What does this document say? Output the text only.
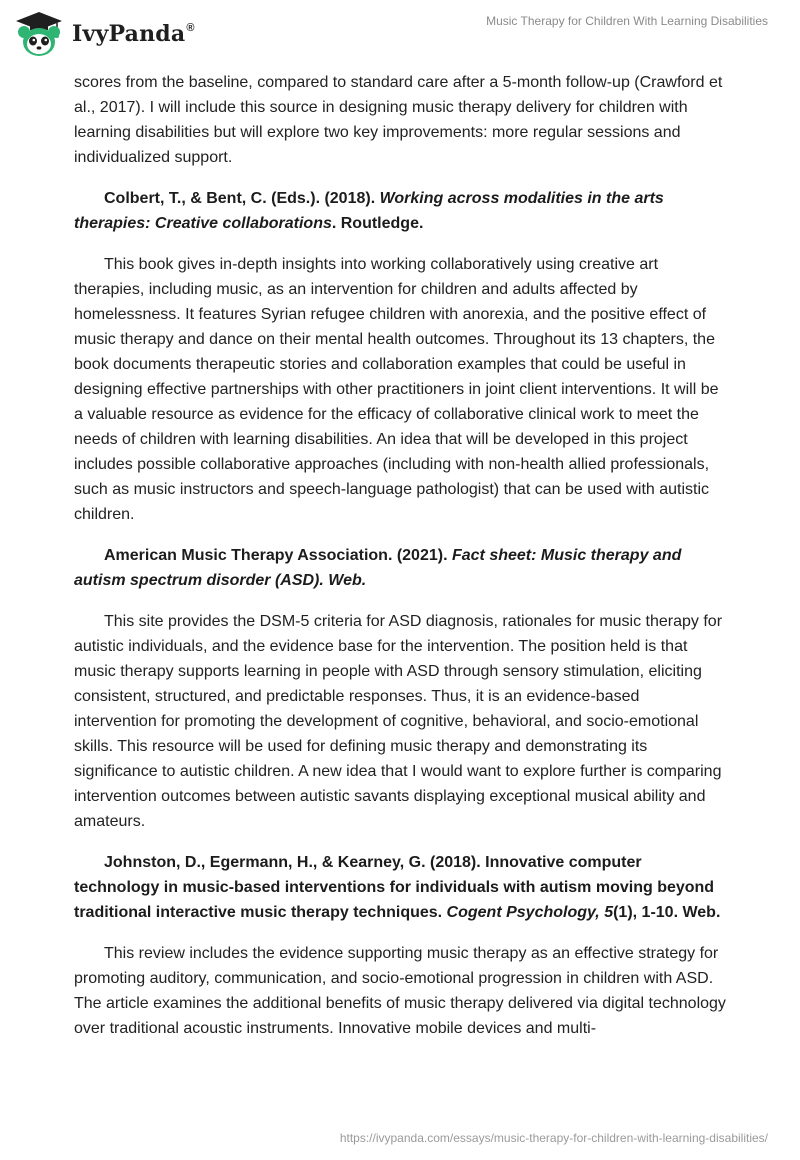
IvyPanda®	Music Therapy for Children With Learning Disabilities

scores from the baseline, compared to standard care after a 5-month follow-up (Crawford et al., 2017). I will include this source in designing music therapy delivery for children with learning disabilities but will explore two key improvements: more regular sessions and individualized support.

Colbert, T., & Bent, C. (Eds.). (2018). Working across modalities in the arts therapies: Creative collaborations. Routledge.

This book gives in-depth insights into working collaboratively using creative art therapies, including music, as an intervention for children and adults affected by homelessness. It features Syrian refugee children with anorexia, and the positive effect of music therapy and dance on their mental health outcomes. Throughout its 13 chapters, the book documents therapeutic stories and collaboration examples that could be useful in designing effective partnerships with other practitioners in joint client interventions. It will be a valuable resource as evidence for the efficacy of collaborative clinical work to meet the needs of children with learning disabilities. An idea that will be developed in this project includes possible collaborative approaches (including with non-health allied professionals, such as music instructors and speech-language pathologist) that can be used with autistic children.

American Music Therapy Association. (2021). Fact sheet: Music therapy and autism spectrum disorder (ASD). Web.

This site provides the DSM-5 criteria for ASD diagnosis, rationales for music therapy for autistic individuals, and the evidence base for the intervention. The position held is that music therapy supports learning in people with ASD through sensory stimulation, eliciting consistent, structured, and predictable responses. Thus, it is an evidence-based intervention for promoting the development of cognitive, behavioral, and socio-emotional skills. This resource will be used for defining music therapy and demonstrating its significance to autistic children. A new idea that I would want to explore further is comparing intervention outcomes between autistic savants displaying exceptional musical ability and amateurs.

Johnston, D., Egermann, H., & Kearney, G. (2018). Innovative computer technology in music-based interventions for individuals with autism moving beyond traditional interactive music therapy techniques. Cogent Psychology, 5(1), 1-10. Web.

This review includes the evidence supporting music therapy as an effective strategy for promoting auditory, communication, and socio-emotional progression in children with ASD. The article examines the additional benefits of music therapy delivered via digital technology over traditional acoustic instruments. Innovative mobile devices and multi-

https://ivypanda.com/essays/music-therapy-for-children-with-learning-disabilities/
